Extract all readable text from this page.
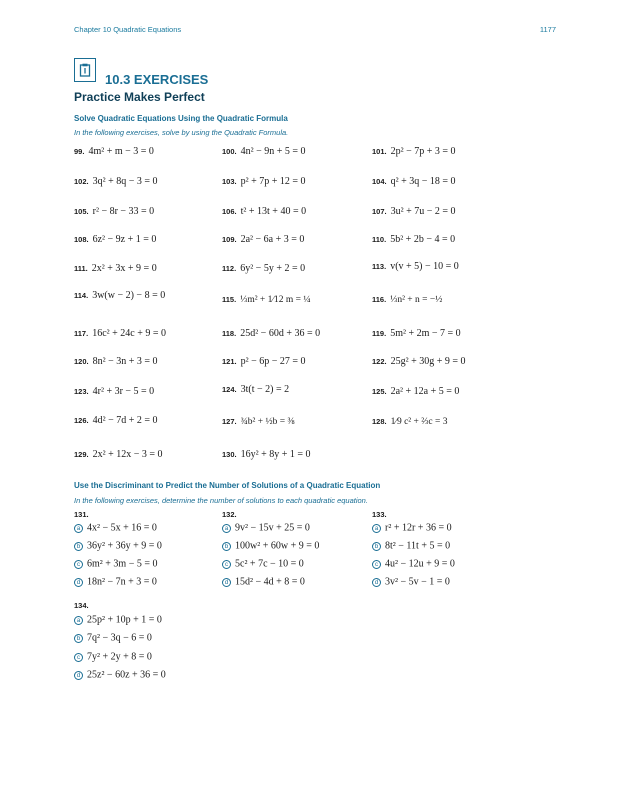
Chapter 10 Quadratic Equations	1177
10.3 EXERCISES
Practice Makes Perfect
Solve Quadratic Equations Using the Quadratic Formula
In the following exercises, solve by using the Quadratic Formula.
99. 4m² + m − 3 = 0	100. 4n² − 9n + 5 = 0	101. 2p² − 7p + 3 = 0
102. 3q² + 8q − 3 = 0	103. p² + 7p + 12 = 0	104. q² + 3q − 18 = 0
105. r² − 8r − 33 = 0	106. t² + 13t + 40 = 0	107. 3u² + 7u − 2 = 0
108. 6z² − 9z + 1 = 0	109. 2a² − 6a + 3 = 0	110. 5b² + 2b − 4 = 0
111. 2x² + 3x + 9 = 0	112. 6y² − 5y + 2 = 0	113. v(v + 5) − 10 = 0
114. 3w(w − 2) − 8 = 0	115. ⅓m² + 1⁄12 m = ¼	116. ⅓n² + n = −½
117. 16c² + 24c + 9 = 0	118. 25d² − 60d + 36 = 0	119. 5m² + 2m − 7 = 0
120. 8n² − 3n + 3 = 0	121. p² − 6p − 27 = 0	122. 25g² + 30g + 9 = 0
123. 4r² + 3r − 5 = 0	124. 3t(t − 2) = 2	125. 2a² + 12a + 5 = 0
126. 4d² − 7d + 2 = 0	127. ¾b² + ½b = ⅜	128. 1⁄9 c² + ⅔c = 3
129. 2x² + 12x − 3 = 0	130. 16y² + 8y + 1 = 0
Use the Discriminant to Predict the Number of Solutions of a Quadratic Equation
In the following exercises, determine the number of solutions to each quadratic equation.
131.
a 4x² − 5x + 16 = 0
b 36y² + 36y + 9 = 0
c 6m² + 3m − 5 = 0
d 18n² − 7n + 3 = 0
132.
a 9v² − 15v + 25 = 0
b 100w² + 60w + 9 = 0
c 5c² + 7c − 10 = 0
d 15d² − 4d + 8 = 0
133.
a r² + 12r + 36 = 0
b 8t² − 11t + 5 = 0
c 4u² − 12u + 9 = 0
d 3v² − 5v − 1 = 0
134.
a 25p² + 10p + 1 = 0
b 7q² − 3q − 6 = 0
c 7y² + 2y + 8 = 0
d 25z² − 60z + 36 = 0
